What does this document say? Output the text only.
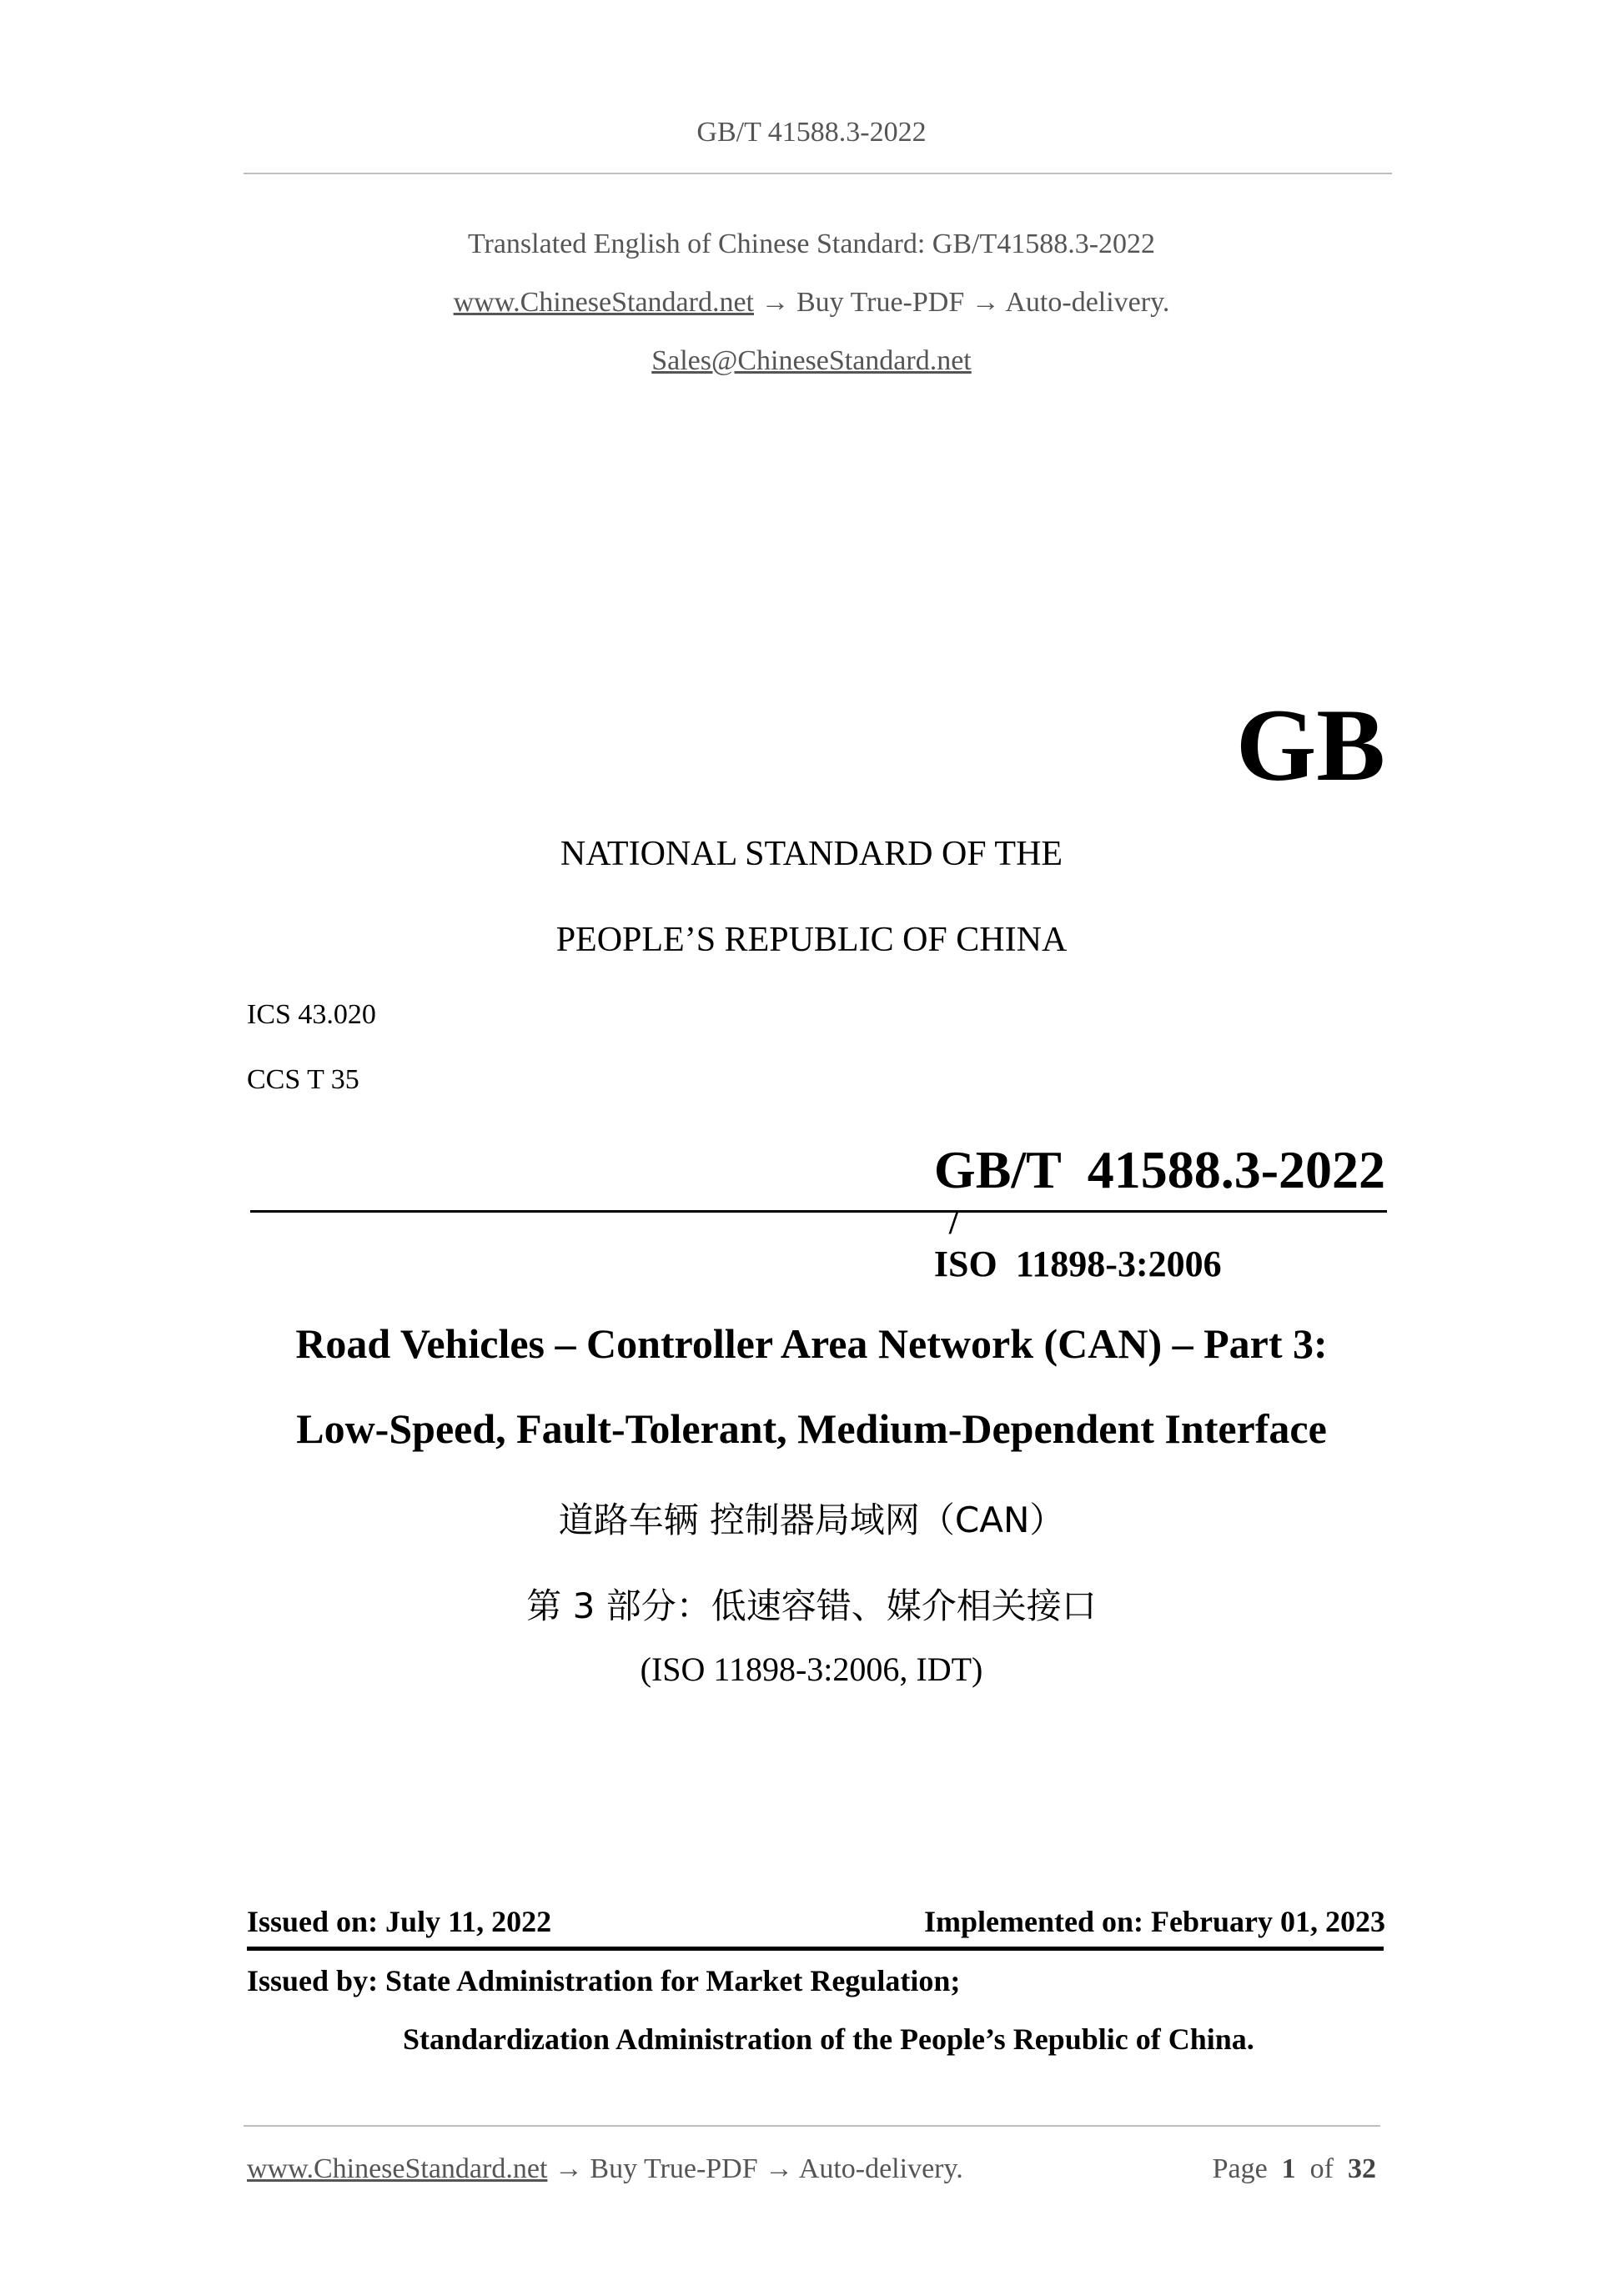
GB/T 41588.3-2022
Translated English of Chinese Standard: GB/T41588.3-2022
www.ChineseStandard.net → Buy True-PDF → Auto-delivery.
Sales@ChineseStandard.net
GB
NATIONAL STANDARD OF THE
PEOPLE’S REPUBLIC OF CHINA
ICS 43.020
CCS T 35

GB/T  41588.3-2022
/
ISO  11898-3:2006

Road Vehicles – Controller Area Network (CAN) – Part 3:
Low-Speed, Fault-Tolerant, Medium-Dependent Interface
道路车辆 控制器局域网（CAN）
第 3 部分：低速容错、媒介相关接口
(ISO 11898-3:2006, IDT)
Issued on: July 11, 2022	Implemented on: February 01, 2023
Issued by: State Administration for Market Regulation;
Standardization Administration of the People’s Republic of China.
www.ChineseStandard.net → Buy True-PDF → Auto-delivery.	Page 1 of 32
